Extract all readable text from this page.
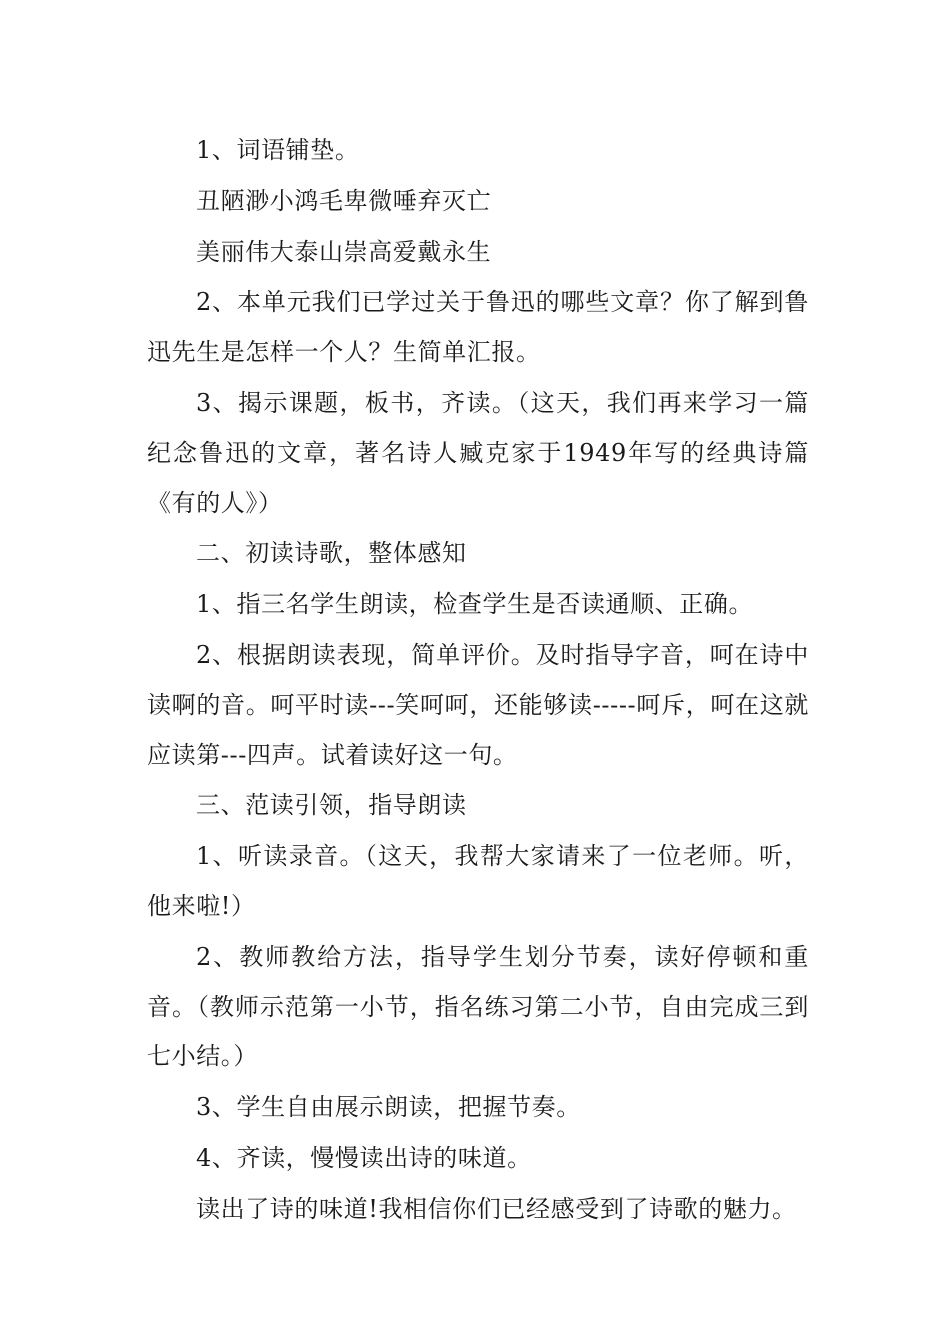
1、词语铺垫。

丑陋渺小鸿毛卑微唾弃灭亡

美丽伟大泰山崇高爱戴永生

2、本单元我们已学过关于鲁迅的哪些文章？你了解到鲁迅先生是怎样一个人？生简单汇报。

3、揭示课题，板书，齐读。（这天，我们再来学习一篇纪念鲁迅的文章，著名诗人臧克家于1949年写的经典诗篇《有的人》）

二、初读诗歌，整体感知

1、指三名学生朗读，检查学生是否读通顺、正确。

2、根据朗读表现，简单评价。及时指导字音，呵在诗中读啊的音。呵平时读---笑呵呵，还能够读-----呵斥，呵在这就应读第---四声。试着读好这一句。

三、范读引领，指导朗读

1、听读录音。（这天，我帮大家请来了一位老师。听，他来啦!）

2、教师教给方法，指导学生划分节奏，读好停顿和重音。（教师示范第一小节，指名练习第二小节，自由完成三到七小结。）

3、学生自由展示朗读，把握节奏。

4、齐读，慢慢读出诗的味道。

读出了诗的味道!我相信你们已经感受到了诗歌的魅力。
